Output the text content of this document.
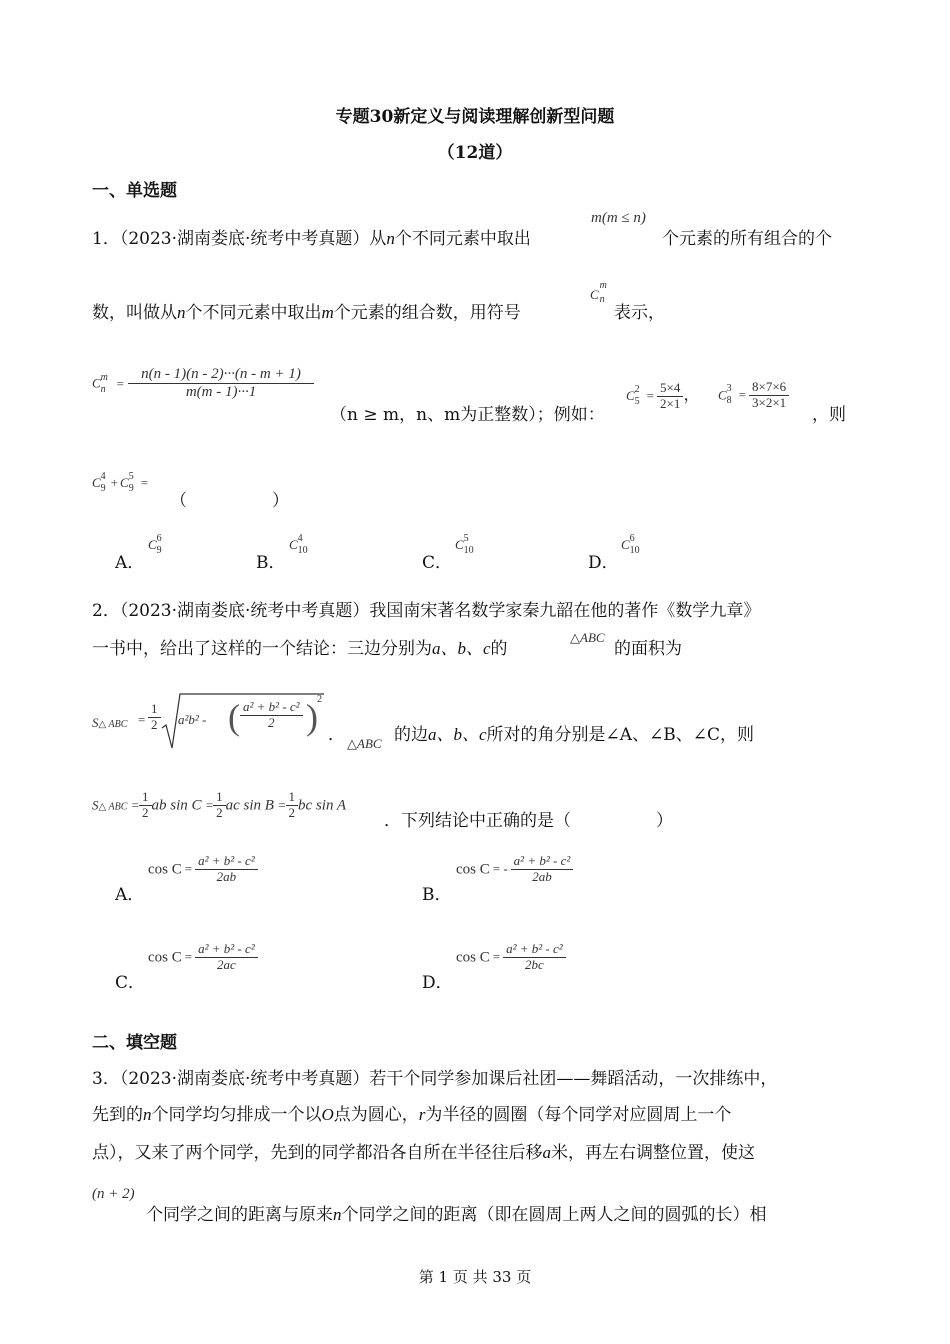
专题30新定义与阅读理解创新型问题
（12道）
一、单选题
1．（2023·湖南娄底·统考中考真题）从n个不同元素中取出
m(m ≤ n)
个元素的所有组合的个
数，叫做从n个不同元素中取出m个元素的组合数，用符号
C
m
n
表示，
C m
$n = \frac{n(n - 1)(n - 2)\cdot\cdot\cdot(n - m + 1)}{m(m - 1)\cdot\cdot\cdot 1}$
（n ≥ m，n、m为正整数）；例如：
C 2
$5 = \frac{5\times 4}{2\times 1}$ ， C 3
$8 = \frac{8\times 7\times 6}{3\times 2\times 1}$
，则
C 4
9 + C 5
9 =
（　　　　　）
A．
C 6
9
B．
C 4
10
C．
C 5
10
D．
C 6
10
2．（2023·湖南娄底·统考中考真题）我国南宋著名数学家秦九韶在他的著作《数学九章》
一书中，给出了这样的一个结论：三边分别为a、b、c的
△ABC
的面积为
S△ ABC = $\frac{1}{2} a^2b^2$ - ( $\frac{\text{a² + b² - c²}}{2}$ ) 2
． △ABC 的边a、b、c所对的角分别是∠A、∠B、∠C，则
S△ ABC = $\frac{1}{2}$ ab $\sin C = \frac{1}{2}$ ac $\sin B = \frac{1}{2}$ bc sin A
．下列结论中正确的是（　　　　　）
A．
$\cos C = \frac{\text{a² + b² - c²}}{2ab}$
B．
cos C = - $\frac{\text{a² + b² - c²}}{2ab}$
C．
$\cos C = \frac{\text{a² + b² - c²}}{2ac}$
D．
$\cos C = \frac{\text{a² + b² - c²}}{2bc}$
二、填空题
3．（2023·湖南娄底·统考中考真题）若干个同学参加课后社团——舞蹈活动，一次排练中，
先到的n个同学均匀排成一个以O点为圆心，r为半径的圆圈（每个同学对应圆周上一个
点），又来了两个同学，先到的同学都沿各自所在半径往后移a米，再左右调整位置，使这
(n + 2)
个同学之间的距离与原来n个同学之间的距离（即在圆周上两人之间的圆弧的长）相
第 1 页 共 33 页
